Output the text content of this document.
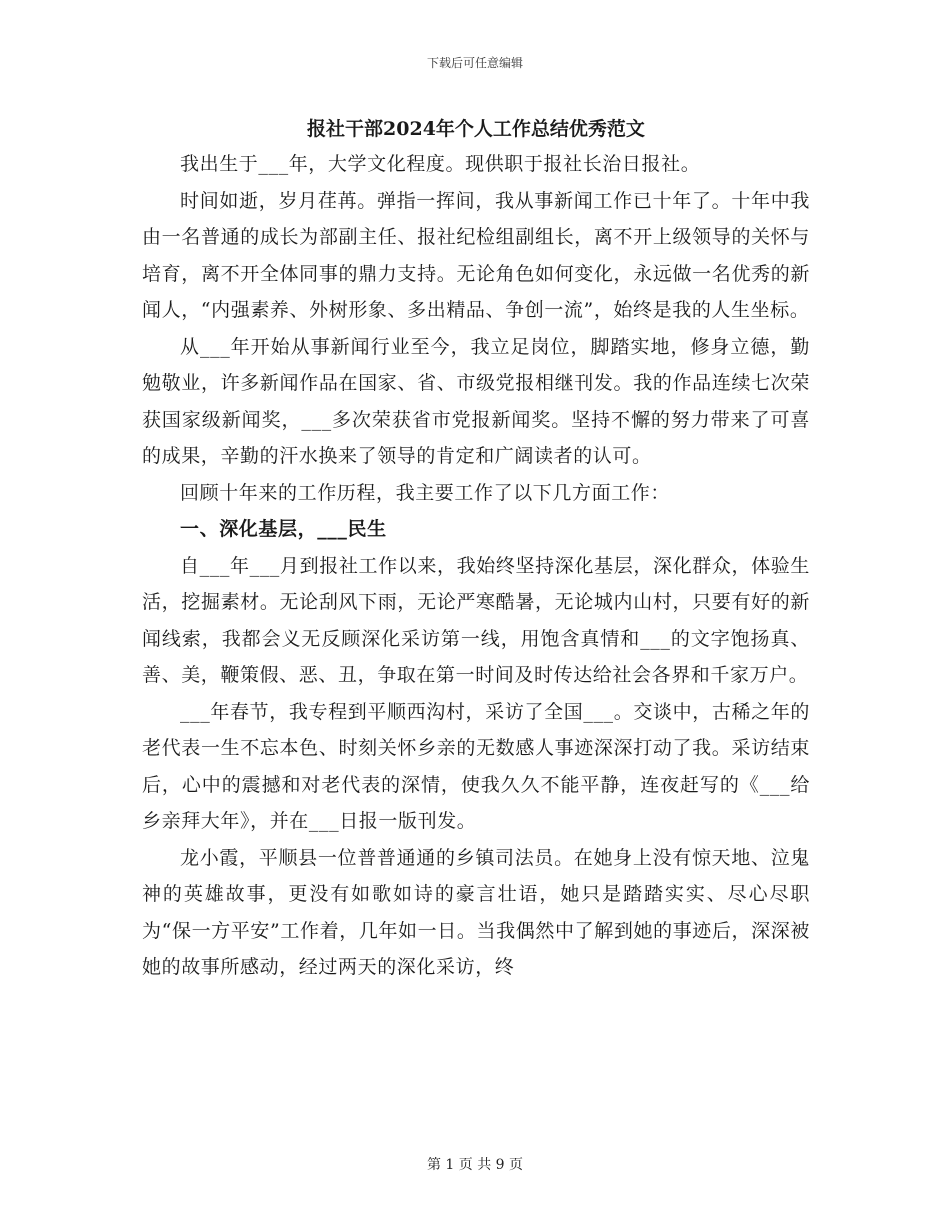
下载后可任意编辑
报社干部2024年个人工作总结优秀范文

我出生于___年，大学文化程度。现供职于报社长治日报社。

时间如逝，岁月荏苒。弹指一挥间，我从事新闻工作已十年了。十年中我由一名普通的成长为部副主任、报社纪检组副组长，离不开上级领导的关怀与培育，离不开全体同事的鼎力支持。无论角色如何变化，永远做一名优秀的新闻人，“内强素养、外树形象、多出精品、争创一流”，始终是我的人生坐标。

从___年开始从事新闻行业至今，我立足岗位，脚踏实地，修身立德，勤勉敬业，许多新闻作品在国家、省、市级党报相继刊发。我的作品连续七次荣获国家级新闻奖，___多次荣获省市党报新闻奖。坚持不懈的努力带来了可喜的成果，辛勤的汗水换来了领导的肯定和广阔读者的认可。

回顾十年来的工作历程，我主要工作了以下几方面工作：

一、深化基层，___民生

自___年___月到报社工作以来，我始终坚持深化基层，深化群众，体验生活，挖掘素材。无论刮风下雨，无论严寒酷暑，无论城内山村，只要有好的新闻线索，我都会义无反顾深化采访第一线，用饱含真情和___的文字饱扬真、善、美，鞭策假、恶、丑，争取在第一时间及时传达给社会各界和千家万户。

___年春节，我专程到平顺西沟村，采访了全国___。交谈中，古稀之年的老代表一生不忘本色、时刻关怀乡亲的无数感人事迹深深打动了我。采访结束后，心中的震撼和对老代表的深情，使我久久不能平静，连夜赶写的《___给乡亲拜大年》，并在___日报一版刊发。

龙小霞，平顺县一位普普通通的乡镇司法员。在她身上没有惊天地、泣鬼神的英雄故事，更没有如歌如诗的豪言壮语，她只是踏踏实实、尽心尽职为“保一方平安”工作着，几年如一日。当我偶然中了解到她的事迹后，深深被她的故事所感动，经过两天的深化采访，终

第 1 页 共 9 页
